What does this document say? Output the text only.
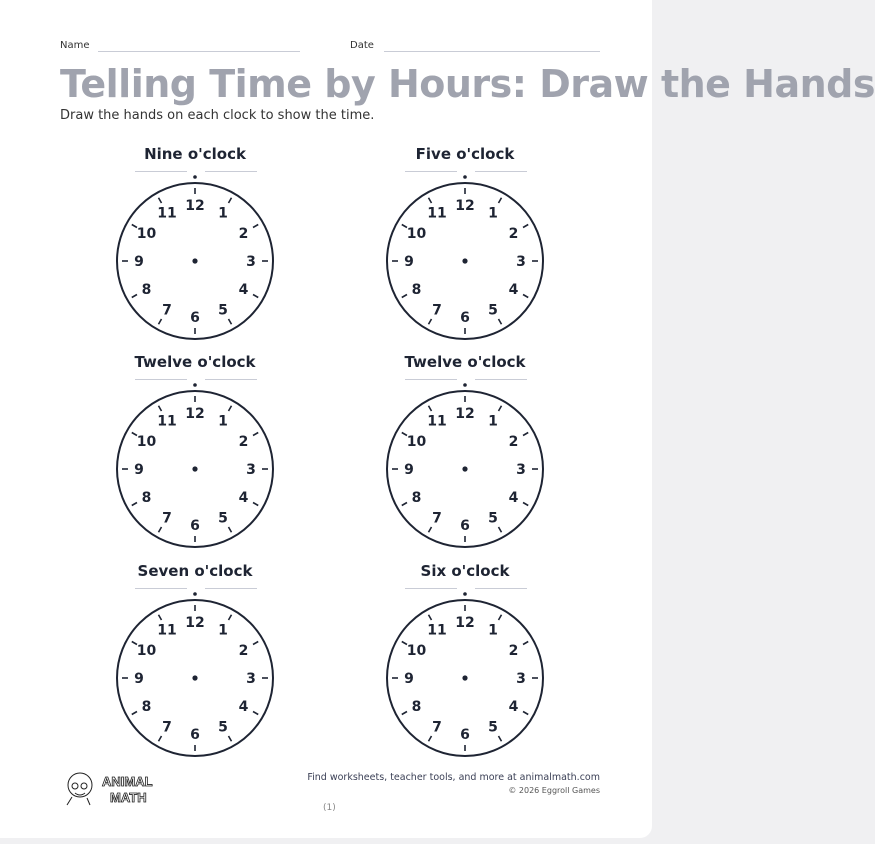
Name	Date
Telling Time by Hours: Draw the Hands
Draw the hands on each clock to show the time.
Nine o'clock
12 1
2
3
4
5
6
7
8
9
10
11
Five o'clock
12 1
2
3
4
5
6
7
8
9
10
11
Twelve o'clock
12 1
2
3
4
5
6
7
8
9
10
11
Twelve o'clock
12 1
2
3
4
5
6
7
8
9
10
11
Seven o'clock
12 1
2
3
4
5
6
7
8
9
10
11
Six o'clock
12 1
2
3
4
5
6
7
8
9
10
11
ANIMAL
MATH
Find worksheets, teacher tools, and more at animalmath.com
© 2026 Eggroll Games
(1)
